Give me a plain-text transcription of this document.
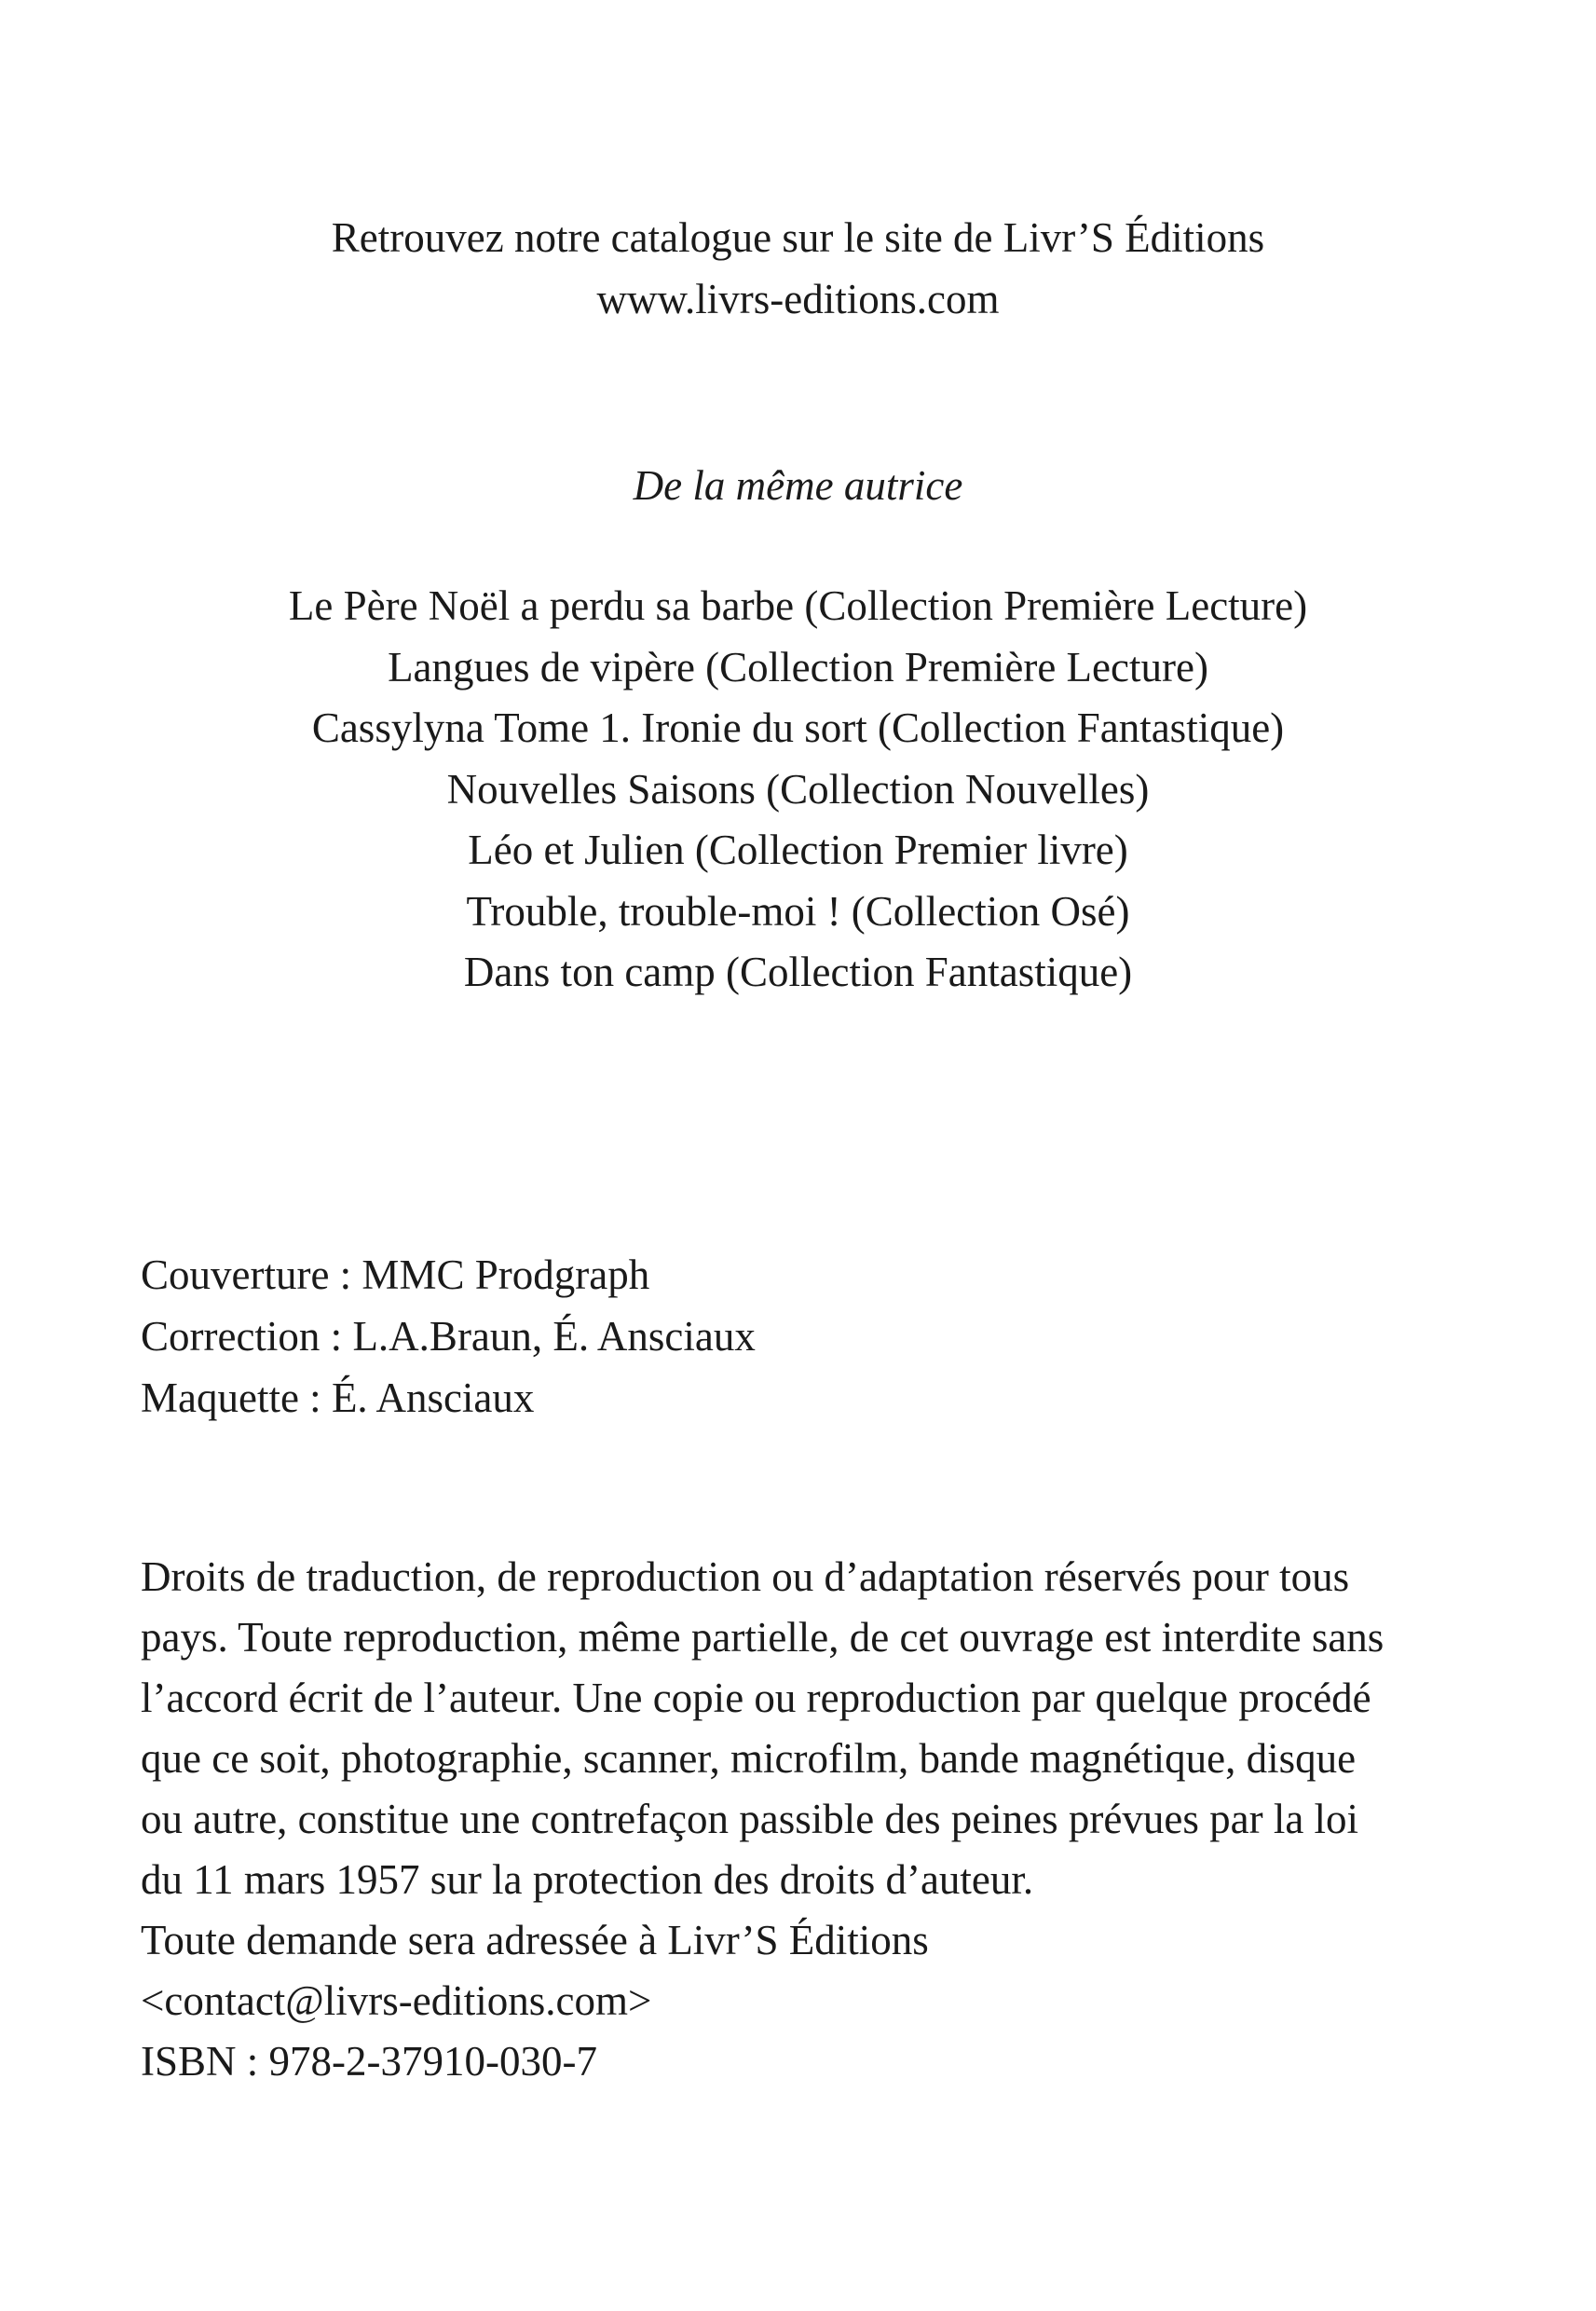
Retrouvez notre catalogue sur le site de Livr’S Éditions
www.livrs-editions.com
De la même autrice
Le Père Noël a perdu sa barbe (Collection Première Lecture)
Langues de vipère (Collection Première Lecture)
Cassylyna Tome 1. Ironie du sort (Collection Fantastique)
Nouvelles Saisons (Collection Nouvelles)
Léo et Julien (Collection Premier livre)
Trouble, trouble-moi ! (Collection Osé)
Dans ton camp (Collection Fantastique)
Couverture : MMC Prodgraph
Correction : L.A.Braun, É. Ansciaux
Maquette : É. Ansciaux

Droits de traduction, de reproduction ou d’adaptation réservés pour tous
pays. Toute reproduction, même partielle, de cet ouvrage est interdite sans
l’accord écrit de l’auteur. Une copie ou reproduction par quelque procédé
que ce soit, photographie, scanner, microfilm, bande magnétique, disque
ou autre, constitue une contrefaçon passible des peines prévues par la loi
du 11 mars 1957 sur la protection des droits d’auteur.

Toute demande sera adressée à Livr’S Éditions
<contact@livrs-editions.com>
ISBN : 978-2-37910-030-7
